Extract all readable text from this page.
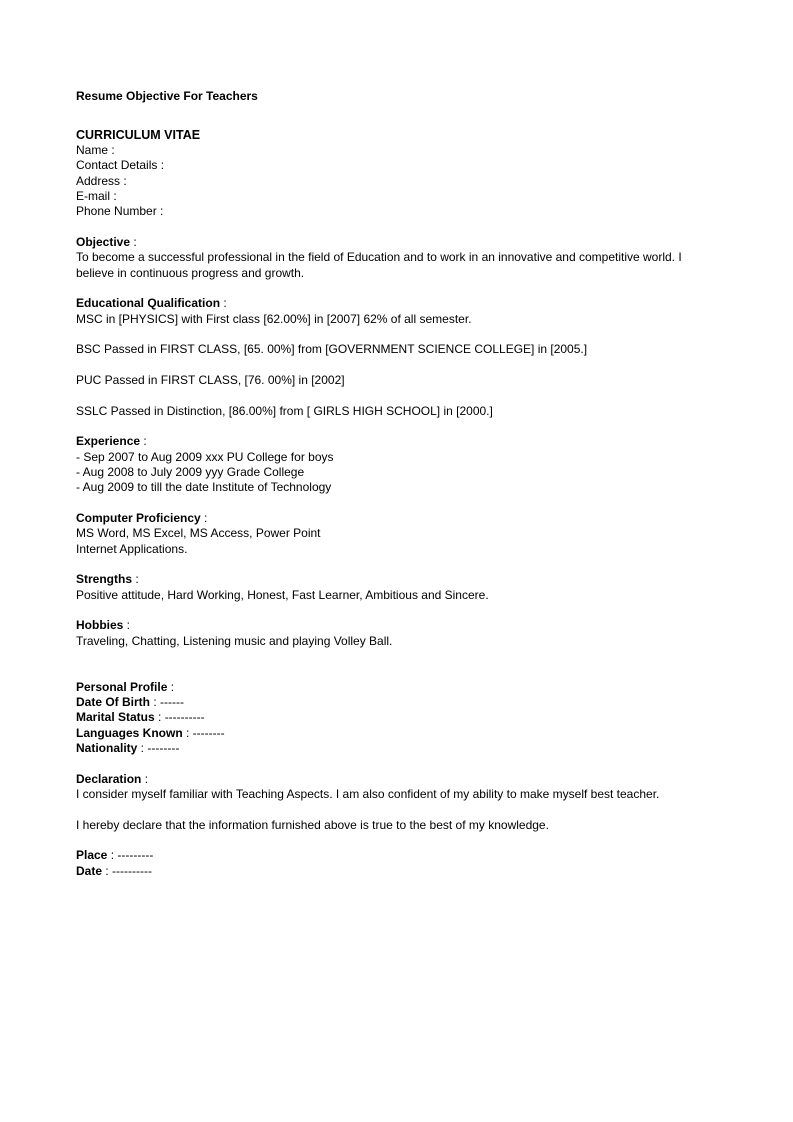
Resume Objective For Teachers
CURRICULUM VITAE
Name :
Contact Details :
Address :
E-mail :
Phone Number :
Objective :
To become a successful professional in the field of Education and to work in an innovative and competitive world. I believe in continuous progress and growth.
Educational Qualification :
MSC in [PHYSICS] with First class [62.00%] in [2007] 62% of all semester.
BSC Passed in FIRST CLASS, [65. 00%] from [GOVERNMENT SCIENCE COLLEGE] in [2005.]
PUC Passed in FIRST CLASS, [76. 00%] in [2002]
SSLC Passed in Distinction, [86.00%] from [ GIRLS HIGH SCHOOL] in [2000.]
Experience :
- Sep 2007 to Aug 2009 xxx PU College for boys
- Aug 2008 to July 2009 yyy Grade College
- Aug 2009 to till the date Institute of Technology
Computer Proficiency :
MS Word, MS Excel, MS Access, Power Point
Internet Applications.
Strengths :
Positive attitude, Hard Working, Honest, Fast Learner, Ambitious and Sincere.
Hobbies :
Traveling, Chatting, Listening music and playing Volley Ball.
Personal Profile :
Date Of Birth : ------
Marital Status : ----------
Languages Known : --------
Nationality : --------
Declaration :
I consider myself familiar with Teaching Aspects. I am also confident of my ability to make myself best teacher.
I hereby declare that the information furnished above is true to the best of my knowledge.
Place : ---------
Date : ----------
